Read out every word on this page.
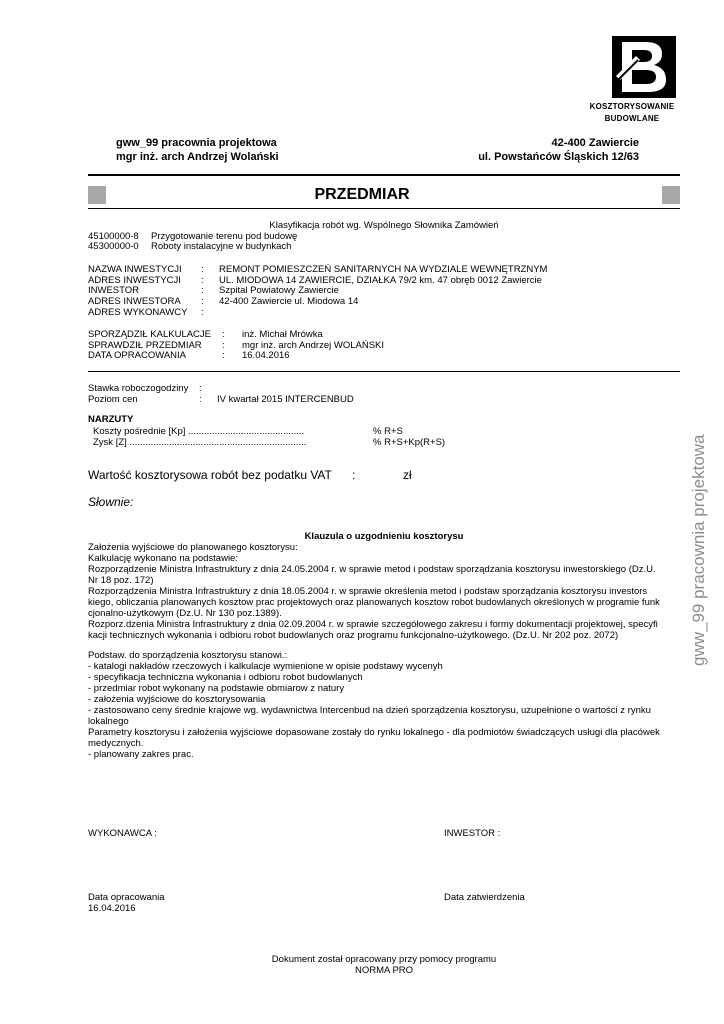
KOSZTORYSOWANIE
BUDOWLANE
gww_99 pracownia projektowa
mgr inż. arch Andrzej Wolański
42-400 Zawiercie
ul. Powstańców Śląskich 12/63
PRZEDMIAR
Klasyfikacja robót wg. Wspólnego Słownika Zamówień
45100000-8 Przygotowanie terenu pod budowę
45300000-0 Roboty instalacyjne w budynkach
NAZWA INWESTYCJI : REMONT POMIESZCZEŃ SANITARNYCH NA WYDZIALE WEWNĘTRZNYM
ADRES INWESTYCJI : UL. MIODOWA 14 ZAWIERCIE, DZIAŁKA 79/2 km. 47 obręb 0012 Zawiercie
INWESTOR	: Szpital Powiatowy Zawiercie
ADRES INWESTORA : 42-400 Zawiercie ul. Miodowa 14
ADRES WYKONAWCY :
SPORZĄDZIŁ KALKULACJE : inż. Michał Mrówka
SPRAWDZIŁ PRZEDMIAR : mgr inż. arch Andrzej WOLAŃSKI
DATA OPRACOWANIA	: 16.04.2016
Stawka roboczogodziny :
Poziom cen	: IV kwartał 2015 INTERCENBUD
NARZUTY
Koszty pośrednie [Kp] ............................................	% R+S
Zysk [Z] ...................................................................	% R+S+Kp(R+S)
Wartość kosztorysowa robót bez podatku VAT :	zł
Słownie:
Klauzula o uzgodnieniu kosztorysu
Założenia wyjściowe do planowanego kosztorysu:
Kalkulację wykonano na podstawie:
Rozporządzenie Ministra Infrastruktury z dnia 24.05.2004 r. w sprawie metod i podstaw sporządzania kosztorysu inwestorskiego (Dz.U.
Nr 18 poz. 172)
Rozporządzenia Ministra Infrastruktury z dnia 18.05.2004 r. w sprawie określenia metod i podstaw sporządzania kosztorysu investors
kiego, obliczania planowanych kosztow prac projektowych oraz planowanych kosztow robot budowlanych określonych w programie funk
cjonalno-użytkowym (Dz.U. Nr 130 poz.1389).
Rozporz.dzenia Ministra Infrastruktury z dnia 02.09.2004 r. w sprawie szczegółowego zakresu i formy dokumentacji projektowej, specyfi
kacji technicznych wykonania i odbioru robot budowlanych oraz programu funkcjonalno-użytkowego. (Dz.U. Nr 202 poz. 2072)
Podstaw. do sporządzenia kosztorysu stanowi.:
- katalogi nakładów rzeczowych i kalkulacje wymienione w opisie podstawy wycenyh
- specyfikacja techniczna wykonania i odbioru robot budowlanych
- przedmiar robot wykonany na podstawie obmiarow z natury
- założenia wyjściowe do kosztorysowania
- zastosowano ceny średnie krajowe wg. wydawnictwa Intercenbud na dzień sporządzenia kosztorysu, uzupełnione o wartości z rynku
lokalnego
Parametry kosztorysu i założenia wyjściowe dopasowane zostały do rynku lokalnego - dla podmiotów świadczących usługi dla placówek
medycznych.
- planowany zakres prac.
WYKONAWCA :	INWESTOR :
Data opracowania
16.04.2016
Data zatwierdzenia
Dokument został opracowany przy pomocy programu
NORMA PRO
gww_99 pracownia projektowa
